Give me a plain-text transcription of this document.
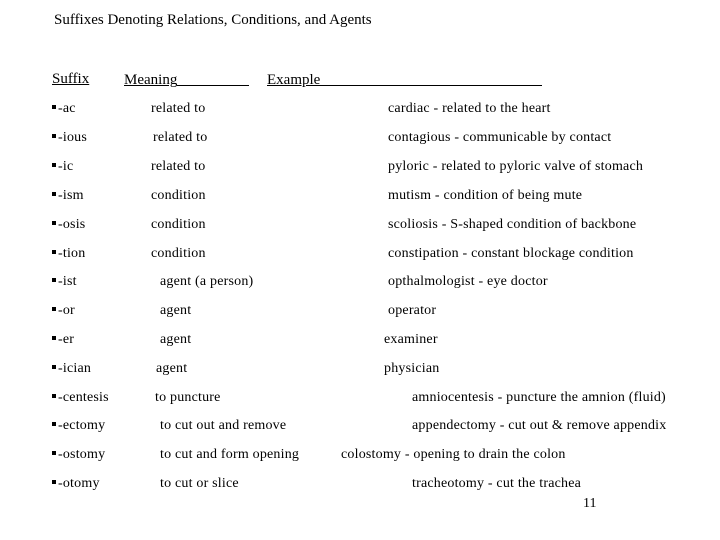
Suffixes Denoting Relations, Conditions, and Agents
Suffix Meaning	Example
-ac	related to	cardiac - related to the heart
-ious	related to	contagious - communicable by contact
-ic	related to	pyloric - related to pyloric valve of stomach
-ism	condition	mutism - condition of being mute
-osis	condition	scoliosis - S-shaped condition of backbone
-tion	condition	constipation - constant blockage condition
-ist	agent (a person)	opthalmologist - eye doctor
-or	agent	operator
-er	agent	examiner
-ician	agent	physician
-centesis	to puncture	amniocentesis - puncture the amnion (fluid)
-ectomy	to cut out and remove	appendectomy - cut out & remove appendix
-ostomy	to cut and form opening	colostomy - opening to drain the colon
-otomy	to cut or slice	tracheotomy - cut the trachea
11
